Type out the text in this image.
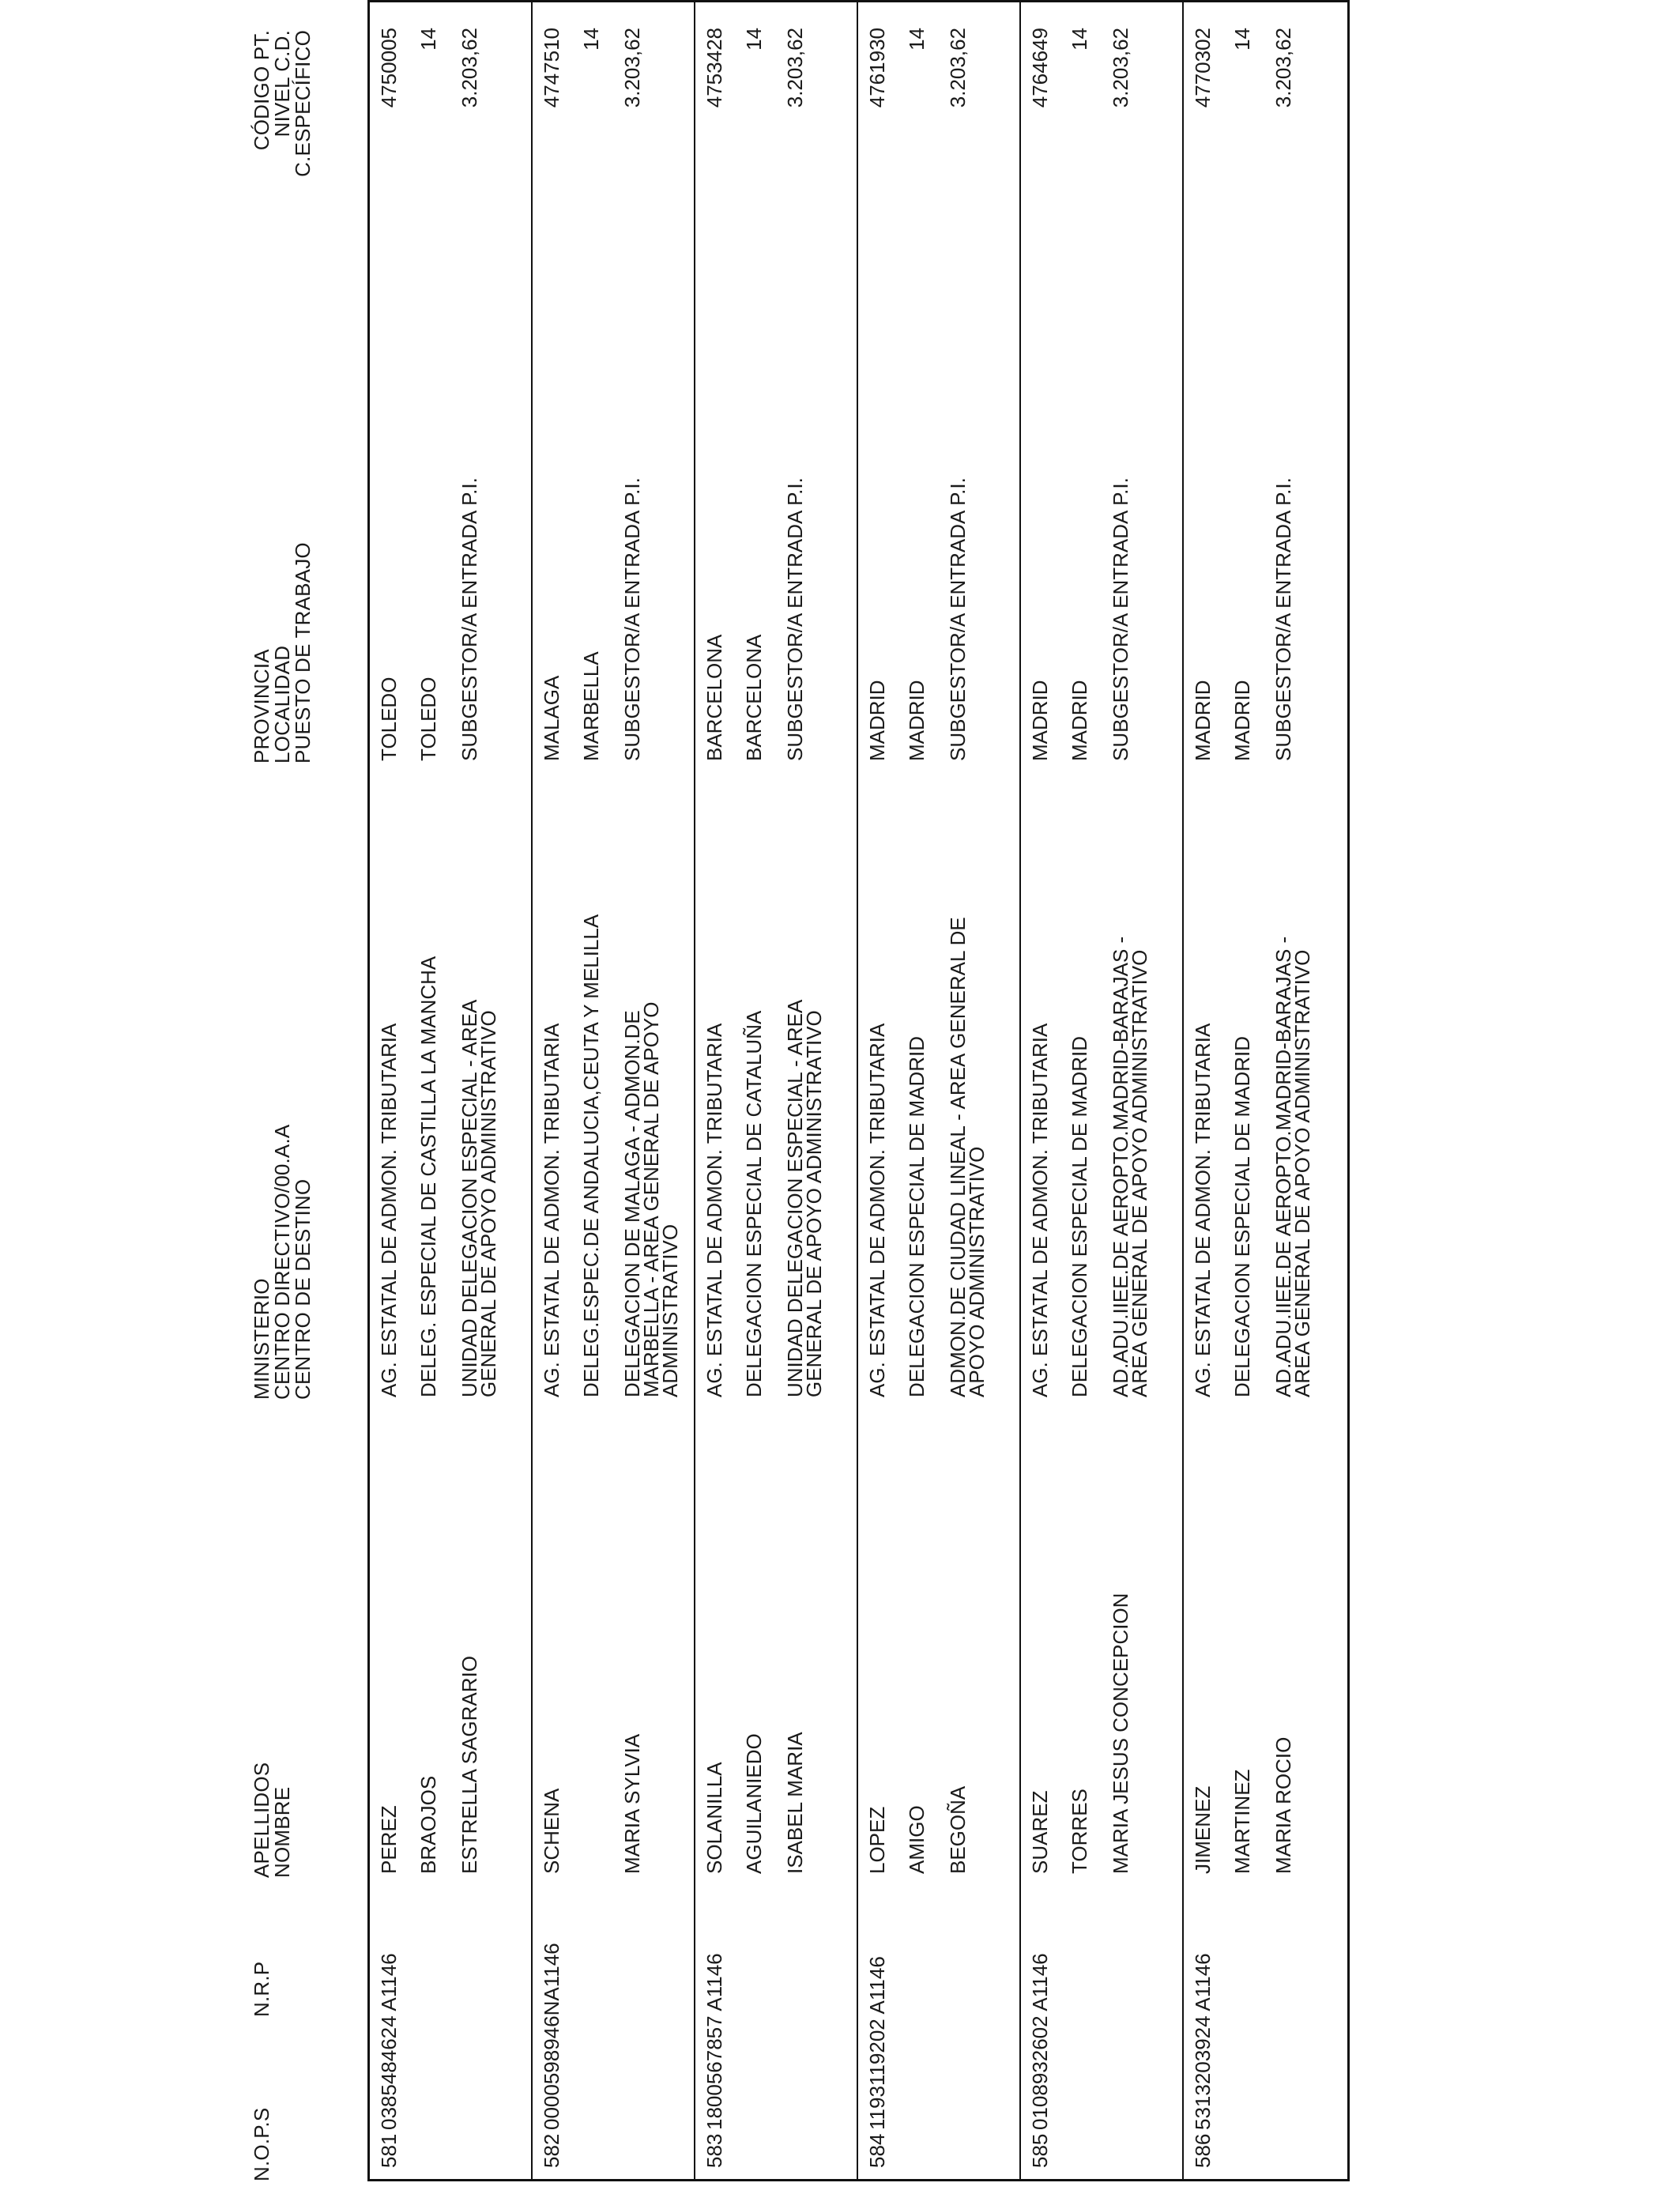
N.O.P.S
N.R.P
APELLIDOS
NOMBRE
MINISTERIO
CENTRO DIRECTIVO/00.A.A
CENTRO DE DESTINO
PROVINCIA
LOCALIDAD
PUESTO DE TRABAJO
CÓDIGO PT.
NIVEL C.D.
C.ESPECÍFICO
581
0385484624 A1146
PEREZ BRAOJOS ESTRELLA SAGRARIO
AG. ESTATAL DE ADMON. TRIBUTARIA DELEG. ESPECIAL DE CASTILLA LA MANCHA UNIDAD DELEGACION ESPECIAL - AREA GENERAL DE APOYO ADMINISTRATIVO
TOLEDO TOLEDO SUBGESTOR/A ENTRADA P.I.
4750005 14 3.203,62
582
0000598946NA1146
SCHENA	MARIA SYLVIA
AG. ESTATAL DE ADMON. TRIBUTARIA DELEG.ESPEC.DE ANDALUCIA,CEUTA Y MELILLA DELEGACION DE MALAGA - ADMON.DE MARBELLA - AREA GENERAL DE APOYO ADMINISTRATIVO
MALAGA MARBELLA SUBGESTOR/A ENTRADA P.I.
4747510 14 3.203,62
583
1800567857 A1146
SOLANILLA AGUILANIEDO ISABEL MARIA
AG. ESTATAL DE ADMON. TRIBUTARIA DELEGACION ESPECIAL DE CATALUÑA UNIDAD DELEGACION ESPECIAL - AREA GENERAL DE APOYO ADMINISTRATIVO
BARCELONA BARCELONA SUBGESTOR/A ENTRADA P.I.
4753428 14 3.203,62
584
1193119202 A1146
LOPEZ AMIGO BEGOÑA
AG. ESTATAL DE ADMON. TRIBUTARIA DELEGACION ESPECIAL DE MADRID ADMON.DE CIUDAD LINEAL - AREA GENERAL DE APOYO ADMINISTRATIVO
MADRID MADRID SUBGESTOR/A ENTRADA P.I.
4761930 14 3.203,62
585
0108932602 A1146
SUAREZ TORRES MARIA JESUS CONCEPCION
AG. ESTATAL DE ADMON. TRIBUTARIA DELEGACION ESPECIAL DE MADRID AD.ADU.IIEE.DE AEROPTO.MADRID-BARAJAS - AREA GENERAL DE APOYO ADMINISTRATIVO
MADRID MADRID SUBGESTOR/A ENTRADA P.I.
4764649 14 3.203,62
586
5313203924 A1146
JIMENEZ MARTINEZ MARIA ROCIO
AG. ESTATAL DE ADMON. TRIBUTARIA DELEGACION ESPECIAL DE MADRID AD.ADU.IIEE.DE AEROPTO.MADRID-BARAJAS - AREA GENERAL DE APOYO ADMINISTRATIVO
MADRID MADRID SUBGESTOR/A ENTRADA P.I.
4770302 14 3.203,62
